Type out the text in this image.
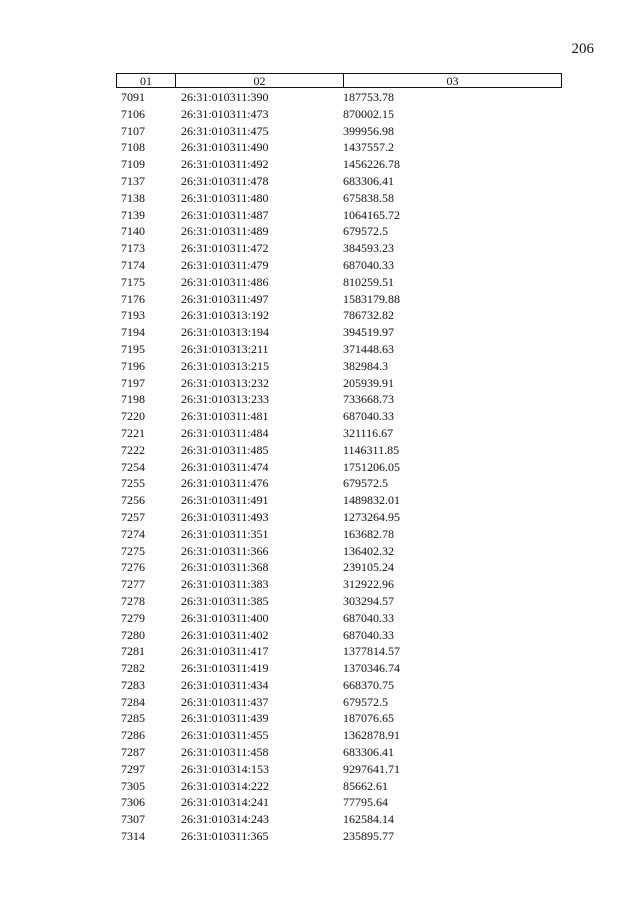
206
01	02	03
7091	26:31:010311:390	187753.78
7106	26:31:010311:473	870002.15
7107	26:31:010311:475	399956.98
7108	26:31:010311:490	1437557.2
7109	26:31:010311:492	1456226.78
7137	26:31:010311:478	683306.41
7138	26:31:010311:480	675838.58
7139	26:31:010311:487	1064165.72
7140	26:31:010311:489	679572.5
7173	26:31:010311:472	384593.23
7174	26:31:010311:479	687040.33
7175	26:31:010311:486	810259.51
7176	26:31:010311:497	1583179.88
7193	26:31:010313:192	786732.82
7194	26:31:010313:194	394519.97
7195	26:31:010313:211	371448.63
7196	26:31:010313:215	382984.3
7197	26:31:010313:232	205939.91
7198	26:31:010313:233	733668.73
7220	26:31:010311:481	687040.33
7221	26:31:010311:484	321116.67
7222	26:31:010311:485	1146311.85
7254	26:31:010311:474	1751206.05
7255	26:31:010311:476	679572.5
7256	26:31:010311:491	1489832.01
7257	26:31:010311:493	1273264.95
7274	26:31:010311:351	163682.78
7275	26:31:010311:366	136402.32
7276	26:31:010311:368	239105.24
7277	26:31:010311:383	312922.96
7278	26:31:010311:385	303294.57
7279	26:31:010311:400	687040.33
7280	26:31:010311:402	687040.33
7281	26:31:010311:417	1377814.57
7282	26:31:010311:419	1370346.74
7283	26:31:010311:434	668370.75
7284	26:31:010311:437	679572.5
7285	26:31:010311:439	187076.65
7286	26:31:010311:455	1362878.91
7287	26:31:010311:458	683306.41
7297	26:31:010314:153	9297641.71
7305	26:31:010314:222	85662.61
7306	26:31:010314:241	77795.64
7307	26:31:010314:243	162584.14
7314	26:31:010311:365	235895.77
